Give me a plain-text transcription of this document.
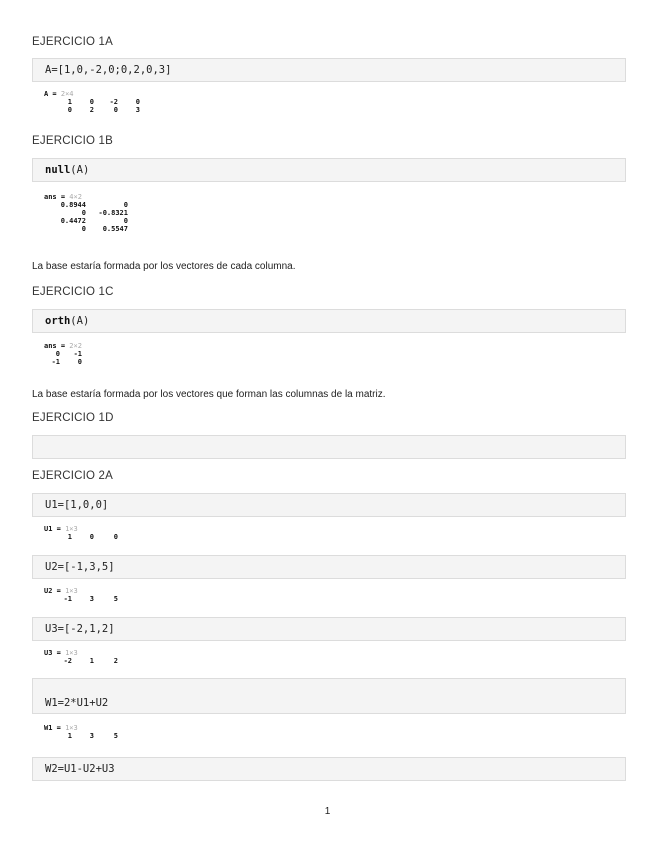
EJERCICIO 1A
A=[1,0,-2,0;0,2,0,3]
A = 2×4
1	0 -2	0
0	2	0	3
EJERCICIO 1B
null(A)
ans = 4×2
0.8944	0
0 -0.8321
0.4472	0
0 0.5547
La base estaría formada por los vectores de cada columna.
EJERCICIO 1C
orth(A)
ans = 2×2
0 -1
-1	0
La base estaría formada por los vectores que forman las columnas de la matriz.
EJERCICIO 1D
EJERCICIO 2A
U1=[1,0,0]
U1 = 1×3
1	0	0
U2=[-1,3,5]
U2 = 1×3
-1	3	5
U3=[-2,1,2]
U3 = 1×3
-2	1	2
W1=2*U1+U2
W1 = 1×3
1	3	5
W2=U1-U2+U3
1
